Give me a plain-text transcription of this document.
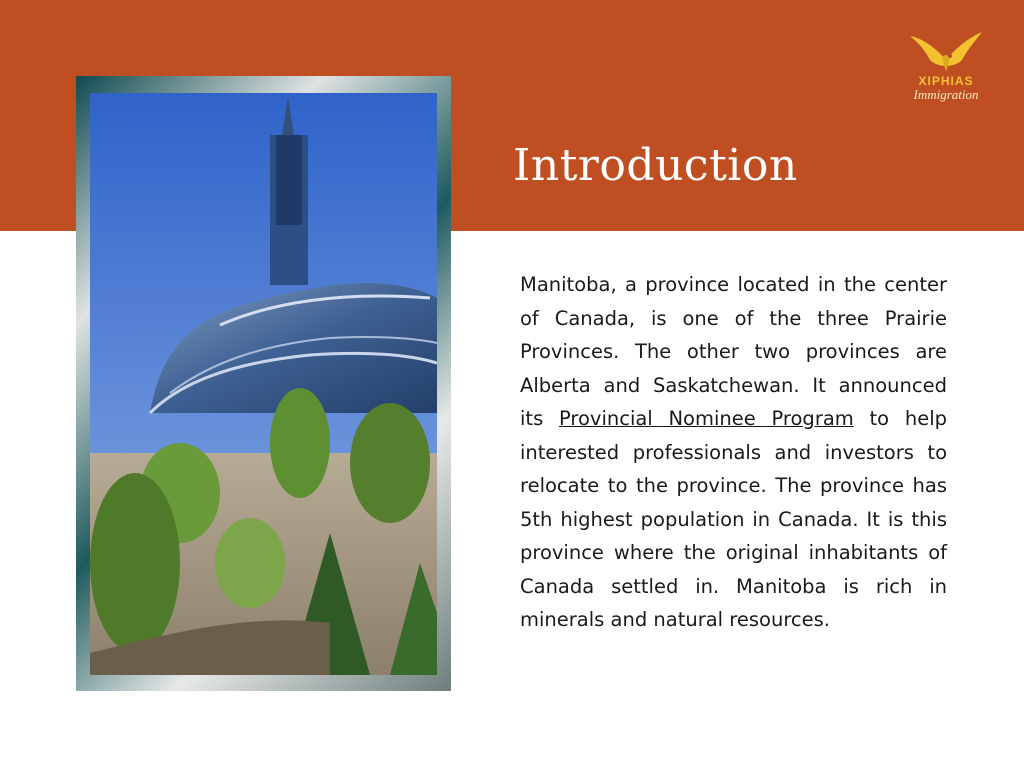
XIPHIAS
Immigration
Introduction
Manitoba, a province located in the center of Canada, is one of the three Prairie Provinces. The other two provinces are Alberta and Saskatchewan. It announced its Provincial Nominee Program to help interested professionals and investors to relocate to the province. The province has 5th highest population in Canada. It is this province where the original inhabitants of Canada settled in. Manitoba is rich in minerals and natural resources.
